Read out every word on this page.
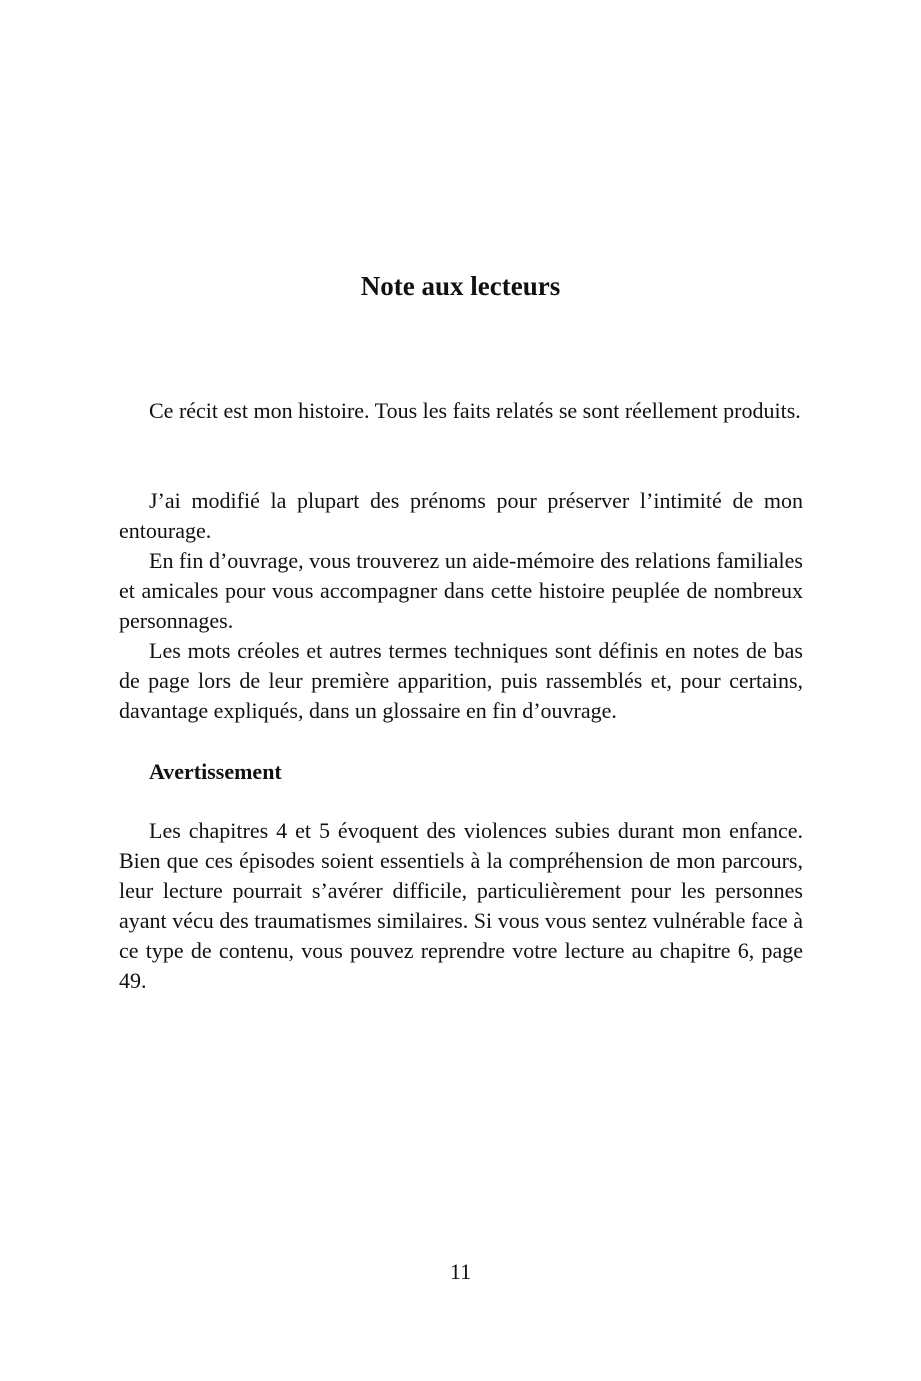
Note aux lecteurs

Ce récit est mon histoire. Tous les faits relatés se sont réellement produits.

J’ai modifié la plupart des prénoms pour préserver l’intimité de mon entourage.

En fin d’ouvrage, vous trouverez un aide-mémoire des relations familiales et amicales pour vous accompagner dans cette histoire peuplée de nombreux personnages.

Les mots créoles et autres termes techniques sont définis en notes de bas de page lors de leur première apparition, puis rassemblés et, pour certains, davantage expliqués, dans un glossaire en fin d’ouvrage.

Avertissement

Les chapitres 4 et 5 évoquent des violences subies durant mon enfance. Bien que ces épisodes soient essentiels à la compréhension de mon parcours, leur lecture pourrait s’avérer difficile, particulièrement pour les personnes ayant vécu des traumatismes similaires. Si vous vous sentez vulnérable face à ce type de contenu, vous pouvez reprendre votre lecture au chapitre 6, page 49.

11
